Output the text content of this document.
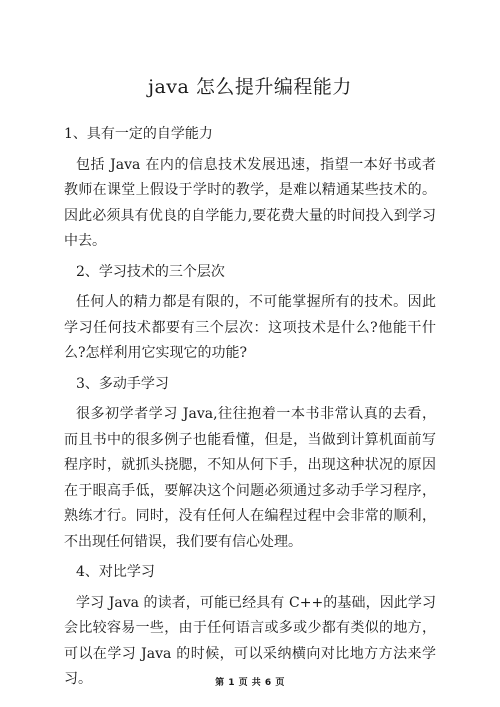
java 怎么提升编程能力
1、具有一定的自学能力
包括 Java 在内的信息技术发展迅速，指望一本好书或者教师在课堂上假设于学时的教学，是难以精通某些技术的。因此必须具有优良的自学能力,要花费大量的时间投入到学习中去。
2、学习技术的三个层次
任何人的精力都是有限的，不可能掌握所有的技术。因此学习任何技术都要有三个层次：这项技术是什么?他能干什么?怎样利用它实现它的功能?
3、多动手学习
很多初学者学习 Java,往往抱着一本书非常认真的去看，而且书中的很多例子也能看懂，但是，当做到计算机面前写程序时，就抓头挠腮，不知从何下手，出现这种状况的原因在于眼高手低，要解决这个问题必须通过多动手学习程序，熟练才行。同时，没有任何人在编程过程中会非常的顺利，不出现任何错误，我们要有信心处理。
4、对比学习
学习 Java 的读者，可能已经具有 C++的基础，因此学习会比较容易一些，由于任何语言或多或少都有类似的地方，可以在学习 Java 的时候，可以采纳横向对比地方方法来学习。	第 1 页 共 6 页
